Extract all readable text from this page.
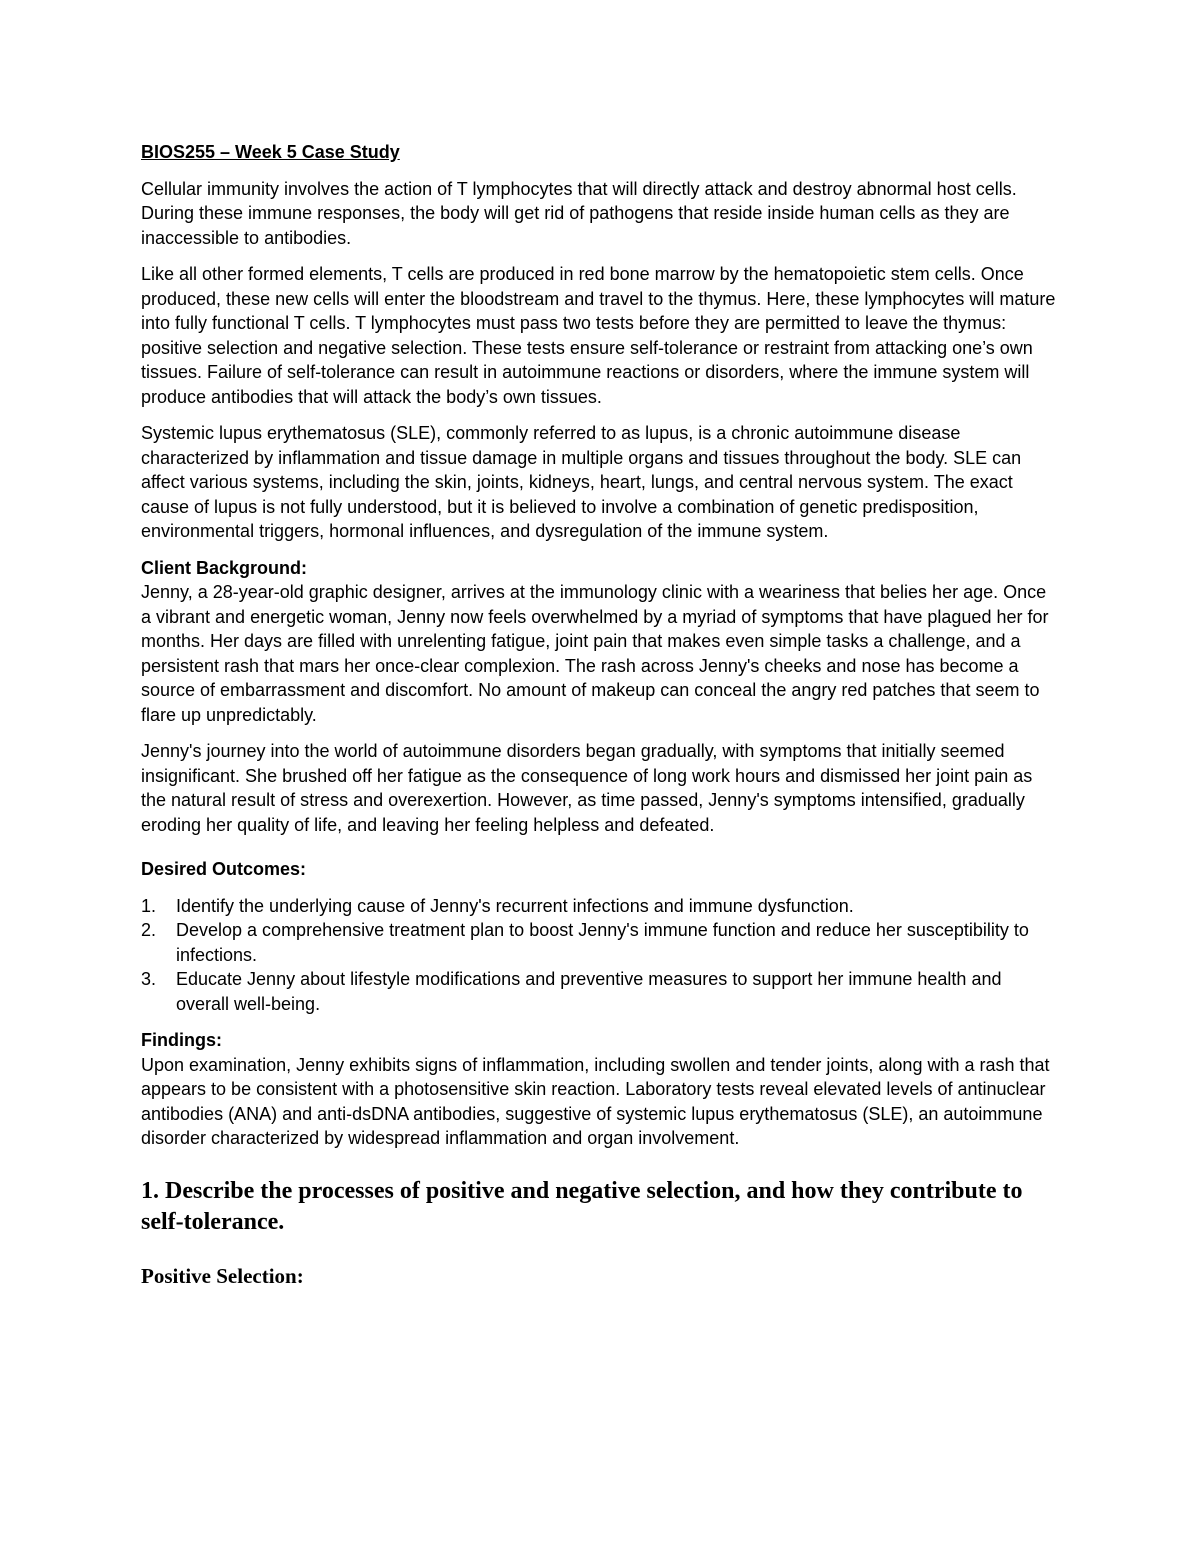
BIOS255 – Week 5 Case Study

Cellular immunity involves the action of T lymphocytes that will directly attack and destroy abnormal host cells. During these immune responses, the body will get rid of pathogens that reside inside human cells as they are inaccessible to antibodies.

Like all other formed elements, T cells are produced in red bone marrow by the hematopoietic stem cells. Once produced, these new cells will enter the bloodstream and travel to the thymus. Here, these lymphocytes will mature into fully functional T cells. T lymphocytes must pass two tests before they are permitted to leave the thymus: positive selection and negative selection. These tests ensure self-tolerance or restraint from attacking one’s own tissues. Failure of self-tolerance can result in autoimmune reactions or disorders, where the immune system will produce antibodies that will attack the body’s own tissues.

Systemic lupus erythematosus (SLE), commonly referred to as lupus, is a chronic autoimmune disease characterized by inflammation and tissue damage in multiple organs and tissues throughout the body. SLE can affect various systems, including the skin, joints, kidneys, heart, lungs, and central nervous system. The exact cause of lupus is not fully understood, but it is believed to involve a combination of genetic predisposition, environmental triggers, hormonal influences, and dysregulation of the immune system.

Client Background:

Jenny, a 28-year-old graphic designer, arrives at the immunology clinic with a weariness that belies her age. Once a vibrant and energetic woman, Jenny now feels overwhelmed by a myriad of symptoms that have plagued her for months. Her days are filled with unrelenting fatigue, joint pain that makes even simple tasks a challenge, and a persistent rash that mars her once-clear complexion. The rash across Jenny's cheeks and nose has become a source of embarrassment and discomfort. No amount of makeup can conceal the angry red patches that seem to flare up unpredictably.

Jenny's journey into the world of autoimmune disorders began gradually, with symptoms that initially seemed insignificant. She brushed off her fatigue as the consequence of long work hours and dismissed her joint pain as the natural result of stress and overexertion. However, as time passed, Jenny's symptoms intensified, gradually eroding her quality of life, and leaving her feeling helpless and defeated.

Desired Outcomes:

1.	Identify the underlying cause of Jenny's recurrent infections and immune dysfunction.
2.	Develop a comprehensive treatment plan to boost Jenny's immune function and reduce her susceptibility to infections.
3.	Educate Jenny about lifestyle modifications and preventive measures to support her immune health and overall well-being.

Findings:

Upon examination, Jenny exhibits signs of inflammation, including swollen and tender joints, along with a rash that appears to be consistent with a photosensitive skin reaction. Laboratory tests reveal elevated levels of antinuclear antibodies (ANA) and anti-dsDNA antibodies, suggestive of systemic lupus erythematosus (SLE), an autoimmune disorder characterized by widespread inflammation and organ involvement.

1. Describe the processes of positive and negative selection, and how they contribute to self-tolerance.
Positive Selection:
